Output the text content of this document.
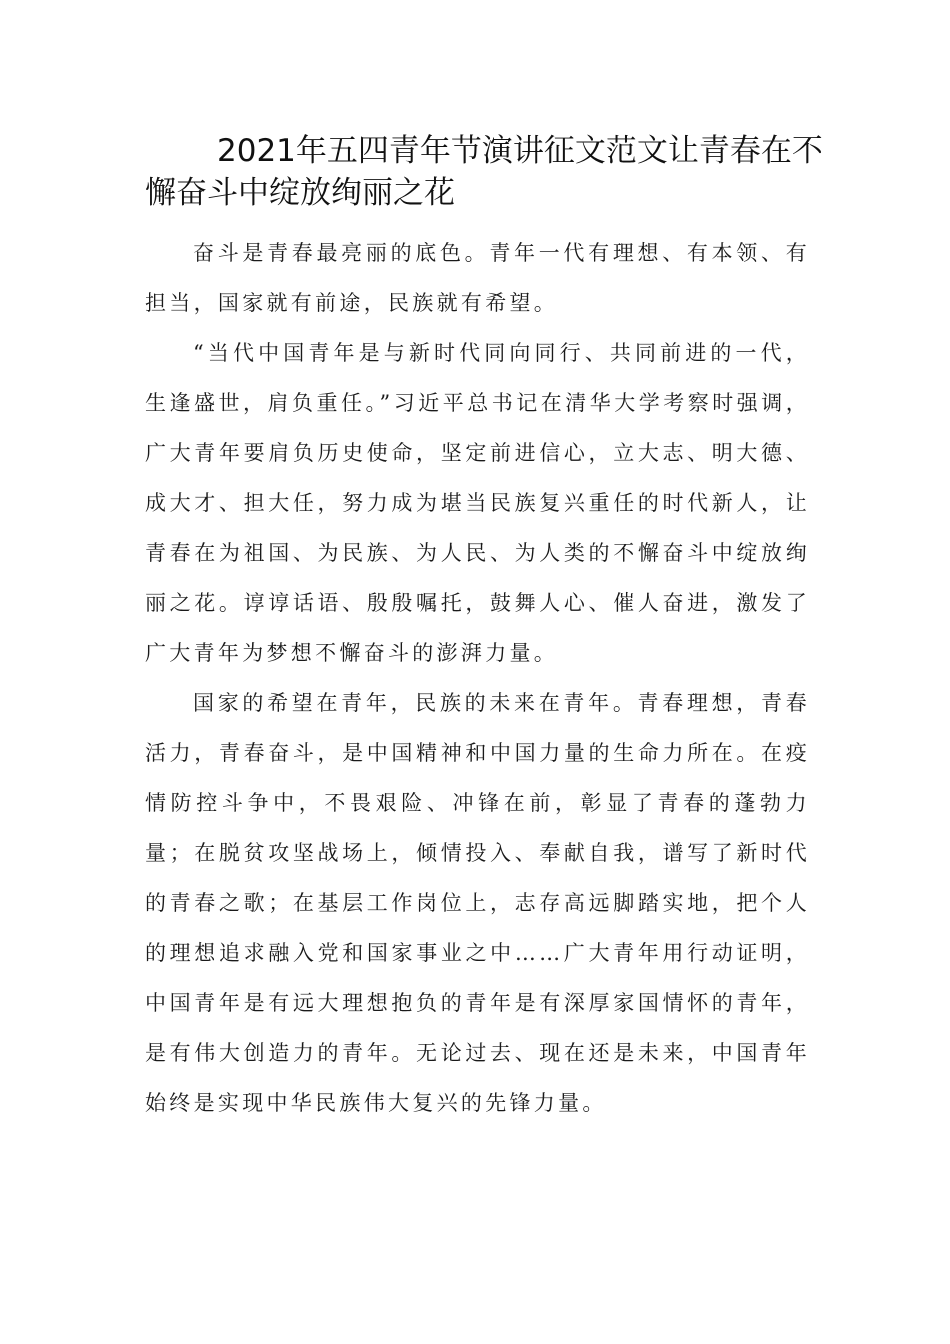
2021年五四青年节演讲征文范文让青春在不懈奋斗中绽放绚丽之花

奋斗是青春最亮丽的底色。青年一代有理想、有本领、有担当，国家就有前途，民族就有希望。

“当代中国青年是与新时代同向同行、共同前进的一代，生逢盛世，肩负重任。”习近平总书记在清华大学考察时强调，广大青年要肩负历史使命，坚定前进信心，立大志、明大德、成大才、担大任，努力成为堪当民族复兴重任的时代新人，让青春在为祖国、为民族、为人民、为人类的不懈奋斗中绽放绚丽之花。谆谆话语、殷殷嘱托，鼓舞人心、催人奋进，激发了广大青年为梦想不懈奋斗的澎湃力量。

国家的希望在青年，民族的未来在青年。青春理想，青春活力，青春奋斗，是中国精神和中国力量的生命力所在。在疫情防控斗争中，不畏艰险、冲锋在前，彰显了青春的蓬勃力量；在脱贫攻坚战场上，倾情投入、奉献自我，谱写了新时代的青春之歌；在基层工作岗位上，志存高远脚踏实地，把个人的理想追求融入党和国家事业之中……广大青年用行动证明，中国青年是有远大理想抱负的青年是有深厚家国情怀的青年，是有伟大创造力的青年。无论过去、现在还是未来，中国青年始终是实现中华民族伟大复兴的先锋力量。
